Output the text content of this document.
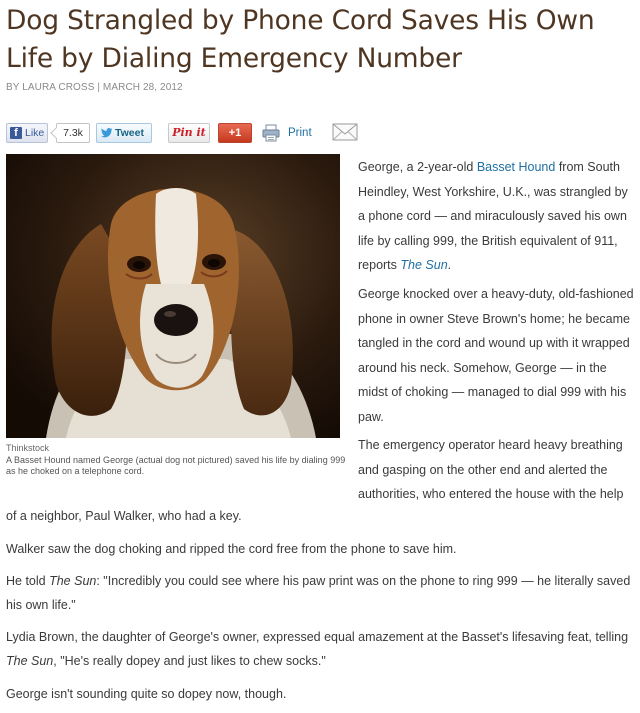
Dog Strangled by Phone Cord Saves His Own Life by Dialing Emergency Number
BY LAURA CROSS | MARCH 28, 2012
f Like	7.3k	Tweet	Pin it	+1	Print
Thinkstock
A Basset Hound named George (actual dog not pictured) saved his life by dialing 999 as he choked on a telephone cord.
George, a 2-year-old Basset Hound from South Heindley, West Yorkshire, U.K., was strangled by a phone cord — and miraculously saved his own life by calling 999, the British equivalent of 911, reports The Sun.
George knocked over a heavy-duty, old-fashioned phone in owner Steve Brown's home; he became tangled in the cord and wound up with it wrapped around his neck. Somehow, George — in the midst of choking — managed to dial 999 with his paw.
The emergency operator heard heavy breathing and gasping on the other end and alerted the authorities, who entered the house with the help
of a neighbor, Paul Walker, who had a key.
Walker saw the dog choking and ripped the cord free from the phone to save him.
He told The Sun: "Incredibly you could see where his paw print was on the phone to ring 999 — he literally saved his own life."
Lydia Brown, the daughter of George's owner, expressed equal amazement at the Basset's lifesaving feat, telling The Sun, "He's really dopey and just likes to chew socks."
George isn't sounding quite so dopey now, though.
